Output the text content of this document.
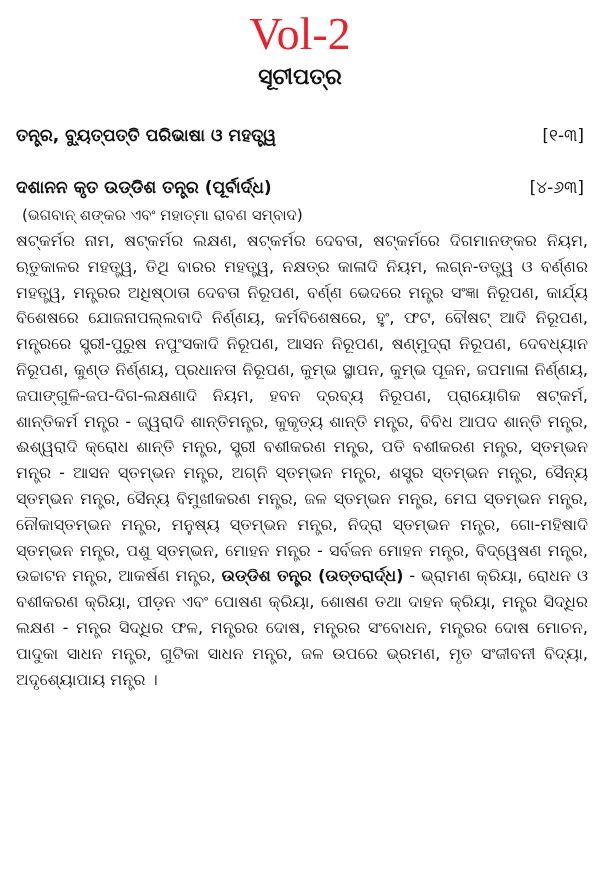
Vol-2
ସୂଚୀପତ୍ର
ତନ୍ତ୍ର, ବ୍ୟୁତ୍ପତ୍ତି ପରିଭାଷା ଓ ମହତ୍ତ୍ୱ	[୧-୩]
ଦଶାନନ କୃତ ଉଡ୍ଡିଶ ତନ୍ତ୍ର (ପୂର୍ବାର୍ଦ୍ଧ)	[୪-୬୩]
(ଭଗବାନ୍ ଶଙ୍କର ଏବଂ ମହାତ୍ମା ରାବଣ ସମ୍ବାଦ)
ଷଟ୍‌କର୍ମର ନାମ, ଷଟ୍‌କର୍ମର ଲକ୍ଷଣ, ଷଟ୍‌କର୍ମର ଦେବତା, ଷଟ୍‌କର୍ମରେ ଦିଗମାନଙ୍କର ନିୟମ, ଋତୁକାଳର ମହତ୍ତ୍ୱ, ତିଥି ବାରର ମହତ୍ତ୍ୱ, ନକ୍ଷତ୍ର କାଳାଦି ନିୟମ, ଲଗ୍ନ-ତତ୍ତ୍ୱ ଓ ବର୍ଣ୍ଣର ମହତ୍ତ୍ୱ, ମନ୍ତ୍ରର ଅଧିଷ୍ଠାତା ଦେବତା ନିରୂପଣ, ବର୍ଣ୍ଣ ଭେଦରେ ମନ୍ତ୍ର ସଂଜ୍ଞା ନିରୂପଣ, କାର୍ଯ୍ୟ ବିଶେଷରେ ଯୋଜନାପଲ୍ଲବାଦି ନିର୍ଣ୍ଣୟ, କର୍ମବିଶେଷରେ, ହୁଂ, ଫଟ, ବୌଷଟ୍ ଆଦି ନିରୂପଣ, ମନ୍ତ୍ରରେ ସ୍ତ୍ରୀ-ପୁରୁଷ ନପୁଂସକାଦି ନିରୂପଣ, ଆସନ ନିରୂପଣ, ଷଣ୍ମୁଦ୍ରା ନିରୂପଣ, ଦେବଧ୍ୟାନ ନିରୂପଣ, କୁଣ୍ଡ ନିର୍ଣ୍ଣୟ, ପ୍ରଧାନତା ନିରୂପଣ, କୁମ୍ଭ ସ୍ଥାପନ, କୁମ୍ଭ ପୂଜନ, ଜପମାଳା ନିର୍ଣ୍ଣୟ, ଜପାଙ୍ଗୁଳି-ଜପ-ଦିଗ-ଲକ୍ଷଣାଦି ନିୟମ, ହବନ ଦ୍ରବ୍ୟ ନିରୂପଣ, ପ୍ରାୟୋଗିକ ଷଟ୍‌କର୍ମ, ଶାନ୍ତିକର୍ମ ମନ୍ତ୍ର - ଜ୍ୱରାଦି ଶାନ୍ତିମନ୍ତ୍ର, କୁକୃତ୍ୟ ଶାନ୍ତି ମନ୍ତ୍ର, ବିବିଧ ଆପଦ ଶାନ୍ତି ମନ୍ତ୍ର, ଈଶ୍ୱରାଦି କ୍ରୋଧ ଶାନ୍ତି ମନ୍ତ୍ର, ସ୍ତ୍ରୀ ବଶୀକରଣ ମନ୍ତ୍ର, ପତି ବଶୀକରଣ ମନ୍ତ୍ର, ସ୍ତମ୍ଭନ ମନ୍ତ୍ର - ଆସନ ସ୍ତମ୍ଭନ ମନ୍ତ୍ର, ଅଗ୍ନି ସ୍ତମ୍ଭନ ମନ୍ତ୍ର, ଶସ୍ତ୍ର ସ୍ତମ୍ଭନ ମନ୍ତ୍ର, ସୈନ୍ୟ ସ୍ତମ୍ଭନ ମନ୍ତ୍ର, ସୈନ୍ୟ ବିମୁଖୀକରଣ ମନ୍ତ୍ର, ଜଳ ସ୍ତମ୍ଭନ ମନ୍ତ୍ର, ମେଘ ସ୍ତମ୍ଭନ ମନ୍ତ୍ର, ନୌକାସ୍ତମ୍ଭନ ମନ୍ତ୍ର, ମନୁଷ୍ୟ ସ୍ତମ୍ଭନ ମନ୍ତ୍ର, ନିଦ୍ରା ସ୍ତମ୍ଭନ ମନ୍ତ୍ର, ଗୋ-ମହିଷାଦି ସ୍ତମ୍ଭନ ମନ୍ତ୍ର, ପଶୁ ସ୍ତମ୍ଭନ, ମୋହନ ମନ୍ତ୍ର - ସର୍ବଜନ ମୋହନ ମନ୍ତ୍ର, ବିଦ୍ୱେଷଣ ମନ୍ତ୍ର, ଉଚ୍ଚାଟନ ମନ୍ତ୍ର, ଆକର୍ଷଣ ମନ୍ତ୍ର, ଉଡ୍ଡିଶ ତନ୍ତ୍ର (ଉତ୍ତରାର୍ଦ୍ଧ) - ଭ୍ରାମଣ କ୍ରିୟା, ରୋଧନ ଓ ବଶୀକରଣ କ୍ରିୟା, ପୀଡ଼ନ ଏବଂ ପୋଷଣ କ୍ରିୟା, ଶୋଷଣ ତଥା ଦାହନ କ୍ରିୟା, ମନ୍ତ୍ର ସିଦ୍ଧିର ଲକ୍ଷଣ - ମନ୍ତ୍ର ସିଦ୍ଧିର ଫଳ, ମନ୍ତ୍ରର ଦୋଷ, ମନ୍ତ୍ରର ସଂବୋଧନ, ମନ୍ତ୍ରର ଦୋଷ ମୋଚନ, ପାଦୁକା ସାଧନ ମନ୍ତ୍ର, ଗୁଟିକା ସାଧନ ମନ୍ତ୍ର, ଜଳ ଉପରେ ଭ୍ରମଣ, ମୃତ ସଂଜୀବନୀ ବିଦ୍ୟା, ଅଦୃଶ୍ୟୋପାୟ ମନ୍ତ୍ର ।
